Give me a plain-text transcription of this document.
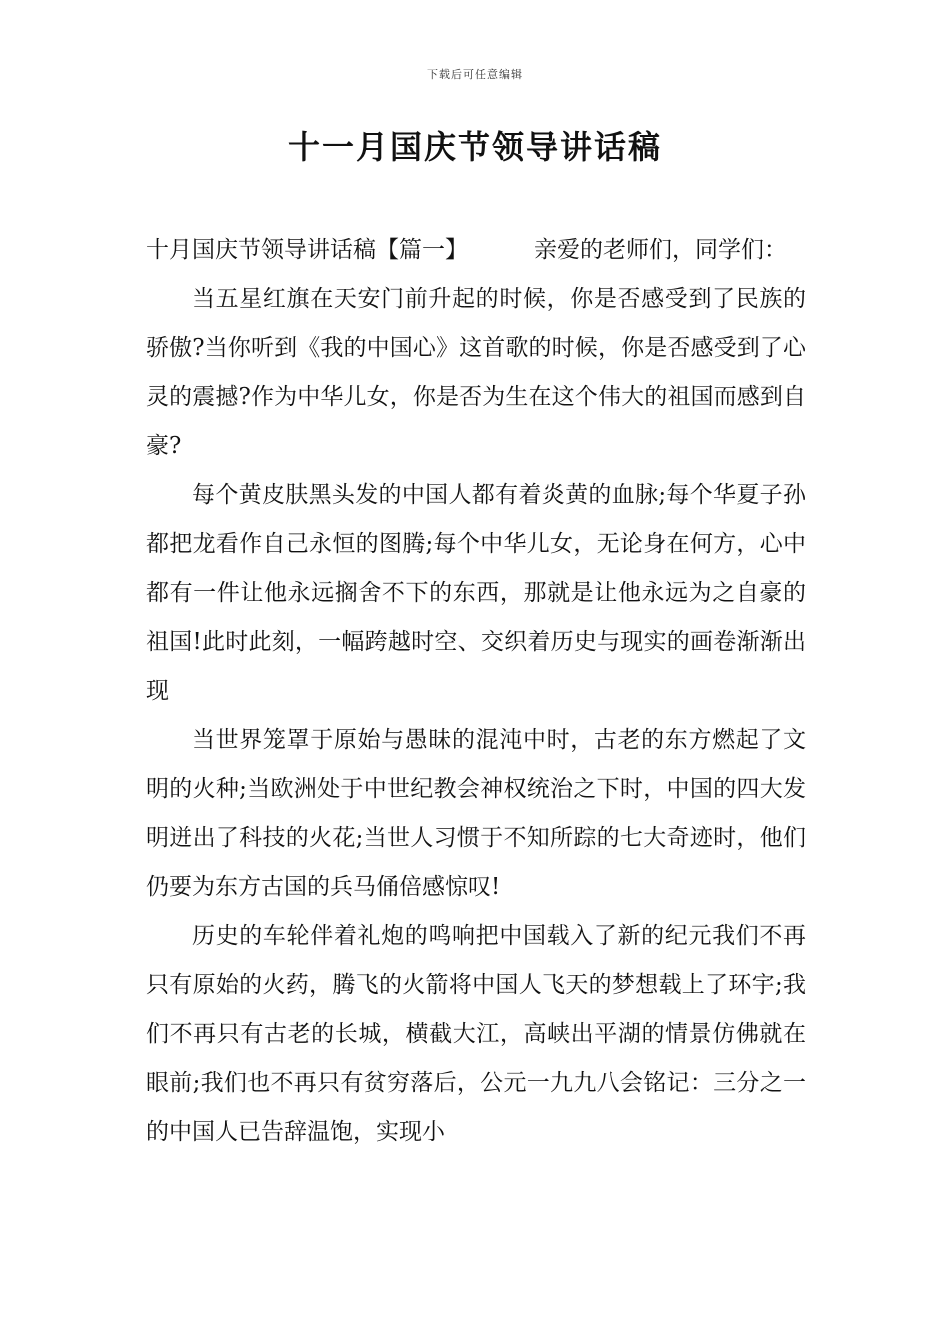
下载后可任意编辑
十一月国庆节领导讲话稿

十月国庆节领导讲话稿【篇一】	亲爱的老师们，同学们：

当五星红旗在天安门前升起的时候，你是否感受到了民族的骄傲?当你听到《我的中国心》这首歌的时候，你是否感受到了心灵的震撼?作为中华儿女，你是否为生在这个伟大的祖国而感到自豪?

每个黄皮肤黑头发的中国人都有着炎黄的血脉;每个华夏子孙都把龙看作自己永恒的图腾;每个中华儿女，无论身在何方，心中都有一件让他永远搁舍不下的东西，那就是让他永远为之自豪的祖国!此时此刻，一幅跨越时空、交织着历史与现实的画卷渐渐出现

当世界笼罩于原始与愚昧的混沌中时，古老的东方燃起了文明的火种;当欧洲处于中世纪教会神权统治之下时，中国的四大发明迸出了科技的火花;当世人习惯于不知所踪的七大奇迹时，他们仍要为东方古国的兵马俑倍感惊叹!

历史的车轮伴着礼炮的鸣响把中国载入了新的纪元我们不再只有原始的火药，腾飞的火箭将中国人飞天的梦想载上了环宇;我们不再只有古老的长城，横截大江，高峡出平湖的情景仿佛就在眼前;我们也不再只有贫穷落后，公元一九九八会铭记：三分之一的中国人已告辞温饱，实现小
